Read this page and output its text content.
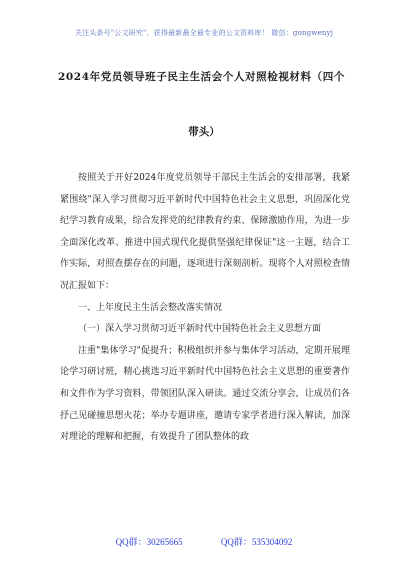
关注头条号"公文研究"，获得最新最全最专业的公文资料库！ 微信：gongwenyj
2024年党员领导班子民主生活会个人对照检视材料（四个
带头）

按照关于开好2024年度党员领导干部民主生活会的安排部署，我紧紧围绕"深入学习贯彻习近平新时代中国特色社会主义思想，巩固深化党纪学习教育成果，综合发挥党的纪律教育约束、保障激励作用，为进一步全面深化改革、推进中国式现代化提供坚强纪律保证"这一主题，结合工作实际，对照查摆存在的问题，逐项进行深刻剖析。现将个人对照检查情况汇报如下：

一、上年度民主生活会整改落实情况

（一）深入学习贯彻习近平新时代中国特色社会主义思想方面

注重"集体学习"促提升；积极组织并参与集体学习活动，定期开展理论学习研讨班，精心挑选习近平新时代中国特色社会主义思想的重要著作和文件作为学习资料，带领团队深入研读。通过交流分享会，让成员们各抒己见碰撞思想火花；举办专题讲座，邀请专家学者进行深入解读，加深对理论的理解和把握，有效提升了团队整体的政

QQ群：30265665	QQ群：535304092
